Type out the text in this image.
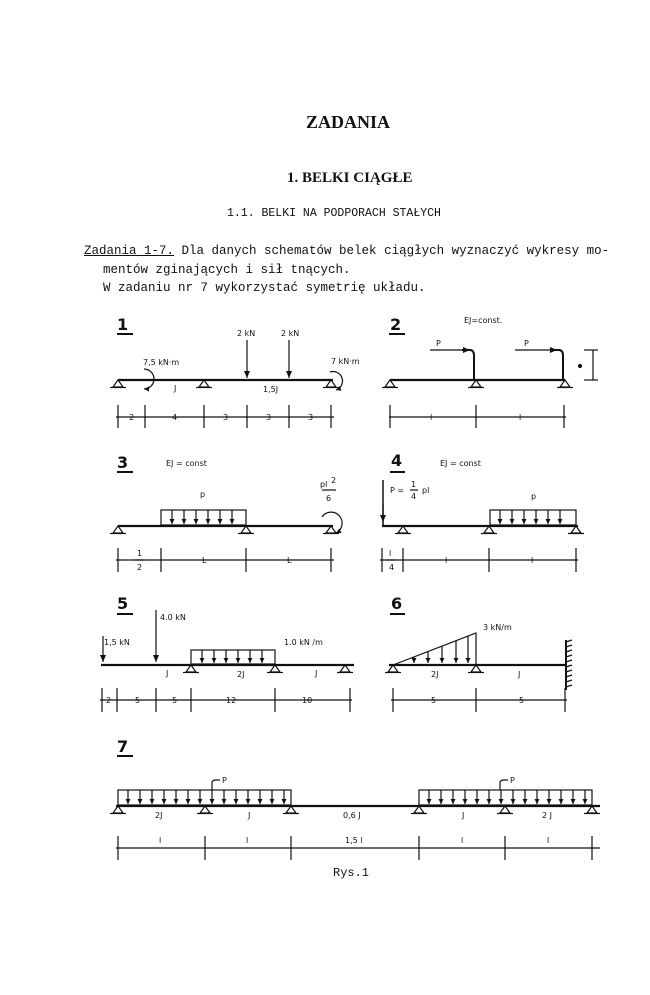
ZADANIA
1. BELKI CIĄGŁE
1.1. BELKI NA PODPORACH STAŁYCH
Zadania 1-7. Dla danych schematów belek ciągłych wyznaczyć wykresy mo-
mentów zginających i sił tnących.
W zadaniu nr 7 wykorzystać symetrię układu.
1
7,5 kN·m
2 kN	2 kN
7 kN·m
J	1,5J
2	4	3	3	3
2	EJ=const.
P	P
l	l
3	EJ = const
p
pl 2
6
1
2
L	L
4	EJ = const
P =
1
4
pl
p
l
4
l	l
5
1,5 kN
4.0 kN
1.0 kN /m
J	2J	J
2	5	5	12	10
6
3 kN/m
2J	J
5	5
7
P	P
2J	J	0,6 J	J	2 J
l	l	1,5 l	l	l
Rys.1
